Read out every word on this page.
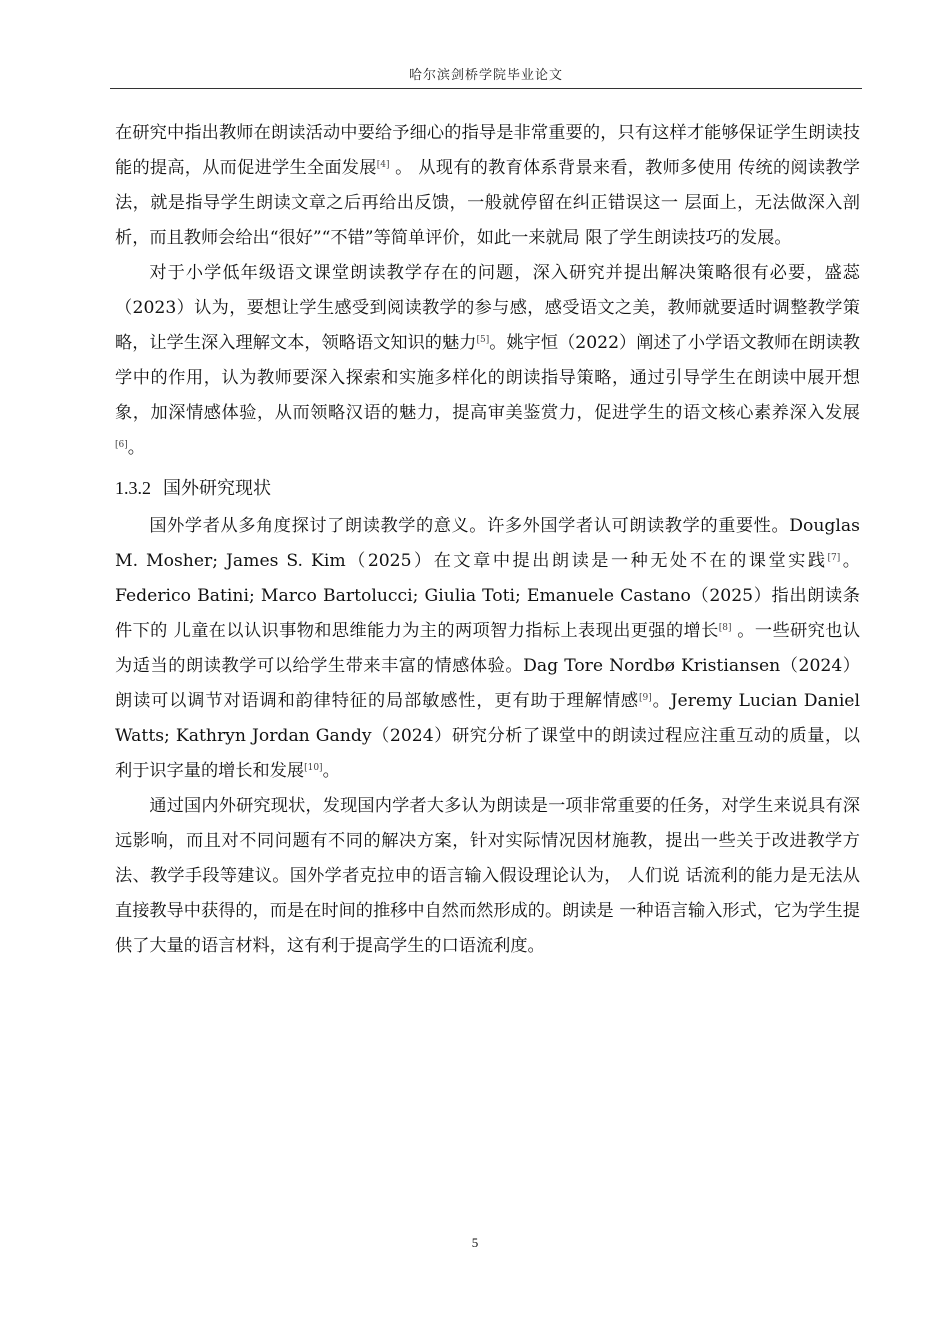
哈尔滨剑桥学院毕业论文

在研究中指出教师在朗读活动中要给予细心的指导是非常重要的，只有这样才能够保证学生朗读技能的提高，从而促进学生全面发展[4] 。 从现有的教育体系背景来看，教师多使用 传统的阅读教学法，就是指导学生朗读文章之后再给出反馈，一般就停留在纠正错误这一 层面上，无法做深入剖析，而且教师会给出“很好”“不错”等简单评价，如此一来就局 限了学生朗读技巧的发展。

对于小学低年级语文课堂朗读教学存在的问题，深入研究并提出解决策略很有必要，盛蕊（2023）认为，要想让学生感受到阅读教学的参与感，感受语文之美，教师就要适时调整教学策略，让学生深入理解文本，领略语文知识的魅力[5]。姚宇恒（2022）阐述了小学语文教师在朗读教学中的作用，认为教师要深入探索和实施多样化的朗读指导策略，通过引导学生在朗读中展开想象，加深情感体验，从而领略汉语的魅力，提高审美鉴赏力，促进学生的语文核心素养深入发展[6]。

1.3.2 国外研究现状

国外学者从多角度探讨了朗读教学的意义。许多外国学者认可朗读教学的重要性。Douglas M. Mosher; James S. Kim（2025）在文章中提出朗读是一种无处不在的课堂实践[7]。 Federico Batini; Marco Bartolucci; Giulia Toti; Emanuele Castano（2025）指出朗读条件下的 儿童在以认识事物和思维能力为主的两项智力指标上表现出更强的增长[8] 。一些研究也认 为适当的朗读教学可以给学生带来丰富的情感体验。Dag Tore Nordbø Kristiansen（2024） 朗读可以调节对语调和韵律特征的局部敏感性，更有助于理解情感[9]。Jeremy Lucian Daniel Watts; Kathryn Jordan Gandy（2024）研究分析了课堂中的朗读过程应注重互动的质量，以 利于识字量的增长和发展[10]。

通过国内外研究现状，发现国内学者大多认为朗读是一项非常重要的任务，对学生来说具有深远影响，而且对不同问题有不同的解决方案，针对实际情况因材施教，提出一些关于改进教学方法、教学手段等建议。国外学者克拉申的语言输入假设理论认为， 人们说 话流利的能力是无法从直接教导中获得的，而是在时间的推移中自然而然形成的。朗读是 一种语言输入形式，它为学生提供了大量的语言材料，这有利于提高学生的口语流利度。

5
